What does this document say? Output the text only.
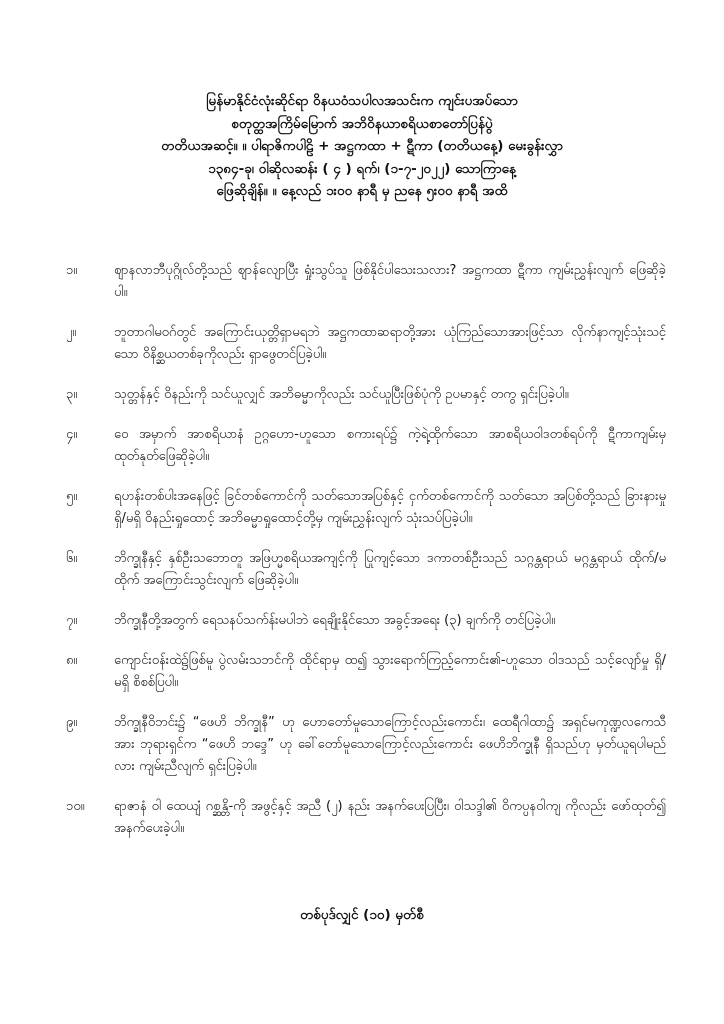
မြန်မာနိုင်ငံလုံးဆိုင်ရာ ဝိနယဝံသပါလအသင်းက ကျင်းပအပ်သော
စတုတ္ထအကြိမ်မြောက် အဘိဝိနယာစရိယစာတော်ပြန်ပွဲ
တတိယအဆင့်။ ။ ပါရာဇိကပါဠိ + အဋ္ဌကထာ + ဋီကာ (တတိယနေ့) မေးခွန်းလွှာ
၁၃၈၄-ခု၊ ဝါဆိုလဆန်း ( ၄ ) ရက်၊ (၁-၇-၂၀၂၂) သောကြာနေ့
ဖြေဆိုချိန်။ ။ နေ့လည် ၁း၀၀ နာရီ မှ ညနေ ၅း၀၀ နာရီ အထိ
၁။	ဈာနလာဘီပုဂ္ဂိုလ်တို့သည် ဈာန်လျောပြီး ရှုံးသွပ်သူ ဖြစ်နိုင်ပါသေးသလား? အဋ္ဌကထာ ဋီကာ ကျမ်းညွှန်းလျက် ဖြေဆိုခဲ့ပါ။
၂။	ဘူတာဂါမဝဂ်တွင် အကြောင်းယုတ္တိရှာမရဘဲ အဋ္ဌကထာဆရာတို့အား ယုံကြည်သောအားဖြင့်သာ လိုက်နာကျင့်သုံးသင့်သော ဝိနိစ္ဆယတစ်ခုကိုလည်း ရှာဖွေတင်ပြခဲ့ပါ။
၃။	သုတ္တန်နှင့် ဝိနည်းကို သင်ယူလျှင် အဘိဓမ္မာကိုလည်း သင်ယူပြီးဖြစ်ပုံကို ဥပမာနှင့် တကွ ရှင်းပြခဲ့ပါ။
၄။	ဝေ အမှာက် အာစရိယာနံ ဥဂ္ဂဟော-ဟူသော စကားရပ်၌ ကဲ့ရဲ့ထိုက်သော အာစရိယဝါဒတစ်ရပ်ကို ဋီကာကျမ်းမှ ထုတ်နုတ်ဖြေဆိုခဲ့ပါ။
၅။	ရဟန်းတစ်ပါးအနေဖြင့် ခြင်တစ်ကောင်ကို သတ်သောအပြစ်နှင့် ငှက်တစ်ကောင်ကို သတ်သော အပြစ်တို့သည် ခြားနားမှု ရှိ/မရှိ ဝိနည်းရှုထောင့် အဘိဓမ္မာရှုထောင့်တို့မှ ကျမ်းညွှန်းလျက် သုံးသပ်ပြခဲ့ပါ။
၆။	ဘိက္ခုနီနှင့် နှစ်ဦးသဘောတူ အဖြဟ္မစရိယအကျင့်ကို ပြုကျင့်သော ဒကာတစ်ဦးသည် သဂ္ဂန္တရာယ် မဂ္ဂန္တရာယ် ထိုက်/မထိုက် အကြောင်းသွင်းလျက် ဖြေဆိုခဲ့ပါ။
၇။	ဘိက္ခုနီတို့အတွက် ရေသနပ်သက်န်းမပါဘဲ ရေချိုးနိုင်သော အခွင့်အရေး (၃) ချက်ကို တင်ပြခဲ့ပါ။
၈။	ကျောင်းဝန်းထဲ၌ဖြစ်မူ ပွဲလမ်းသဘင်ကို ထိုင်ရာမှ ထ၍ သွားရောက်ကြည့်ကောင်း၏-ဟူသော ဝါဒသည် သင့်လျော်မှု ရှိ/ မရှိ စိစစ်ပြပါ။
၉။	ဘိက္ခုနီဝိဘင်း၌ “ဖေဟိ ဘိက္ခုနီ” ဟု ဟောတော်မူသောကြောင့်လည်းကောင်း၊ ထေရီဂါထာ၌ အရှင်မကုဏ္ဍလကေသီအား ဘုရားရှင်က “ဖေဟိ ဘဒ္ဒေ” ဟု ခေါ်တော်မူသောကြောင့်လည်းကောင်း ဖေဟိဘိက္ခုနီ ရှိသည်ဟု မှတ်ယူရပါမည်လား ကျမ်းညီလျက် ရှင်းပြခဲ့ပါ။
၁၀။	ရာဇာနံ ဝါ ထေယျံ ဂစ္ဆန္တိ-ကို အဖွင့်နှင့် အညီ (၂) နည်း အနက်ပေးပြပြီး၊ ဝါသဒ္ဒါ၏ ဝိကပ္ပနဝါကျ ကိုလည်း ဖော်ထုတ်၍ အနက်ပေးခဲ့ပါ။
တစ်ပုဒ်လျှင် (၁၀) မှတ်စီ
